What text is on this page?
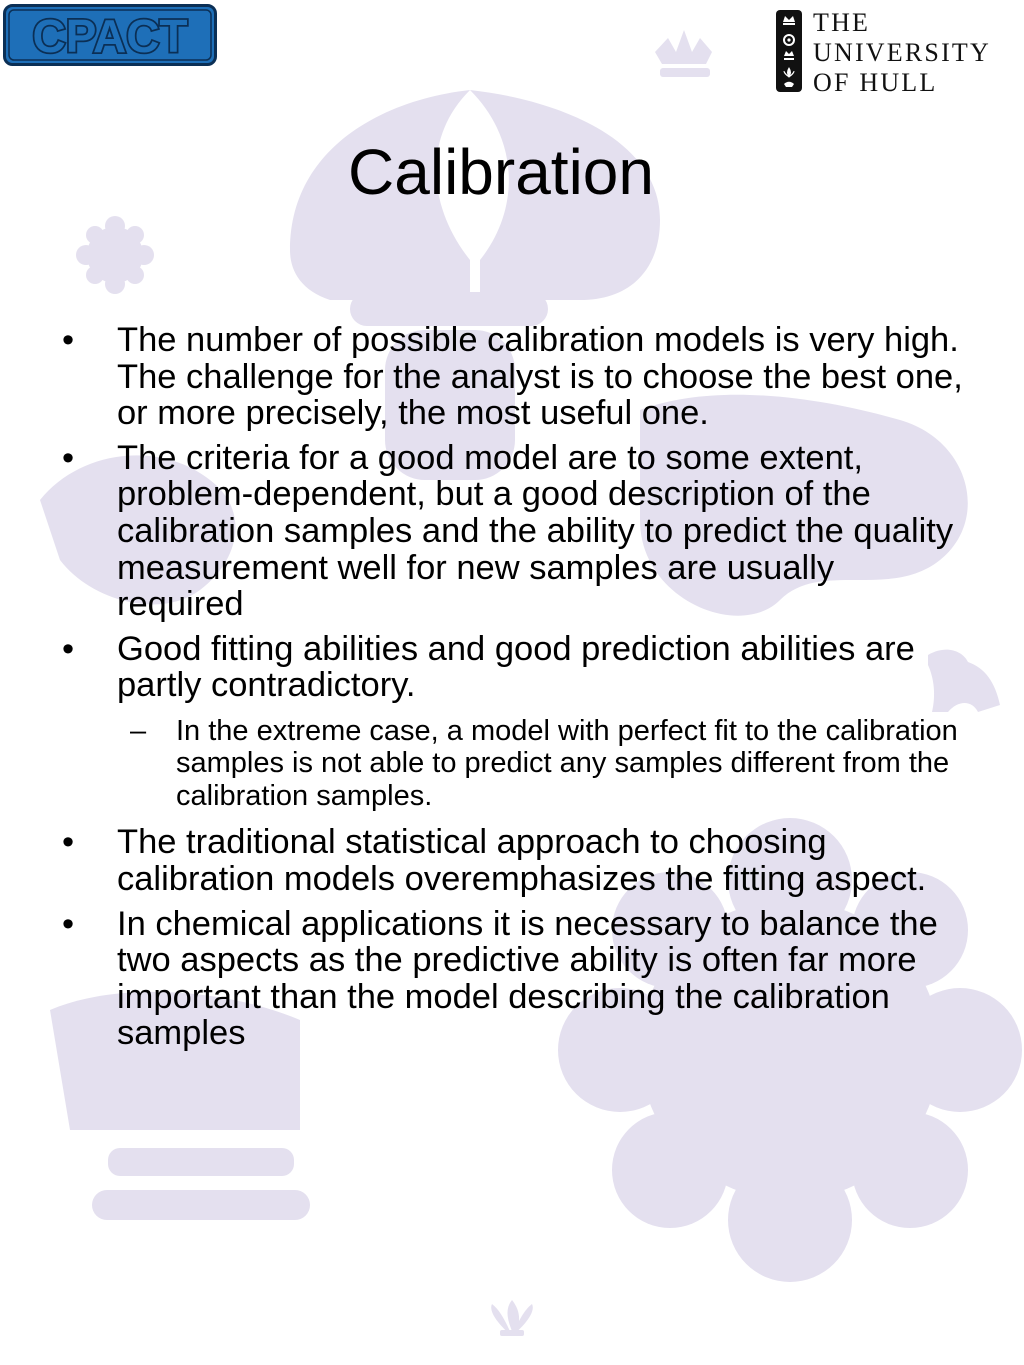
CPACT	THE
UNIVERSITY
OF HULL
Calibration
• The number of possible calibration models is very high. The challenge for the analyst is to choose the best one, or more precisely, the most useful one.
• The criteria for a good model are to some extent, problem-dependent, but a good description of the calibration samples and the ability to predict the quality measurement well for new samples are usually required
• Good fitting abilities and good prediction abilities are partly contradictory.
– In the extreme case, a model with perfect fit to the calibration samples is not able to predict any samples different from the calibration samples.
• The traditional statistical approach to choosing calibration models overemphasizes the fitting aspect.
• In chemical applications it is necessary to balance the two aspects as the predictive ability is often far more important than the model describing the calibration samples
